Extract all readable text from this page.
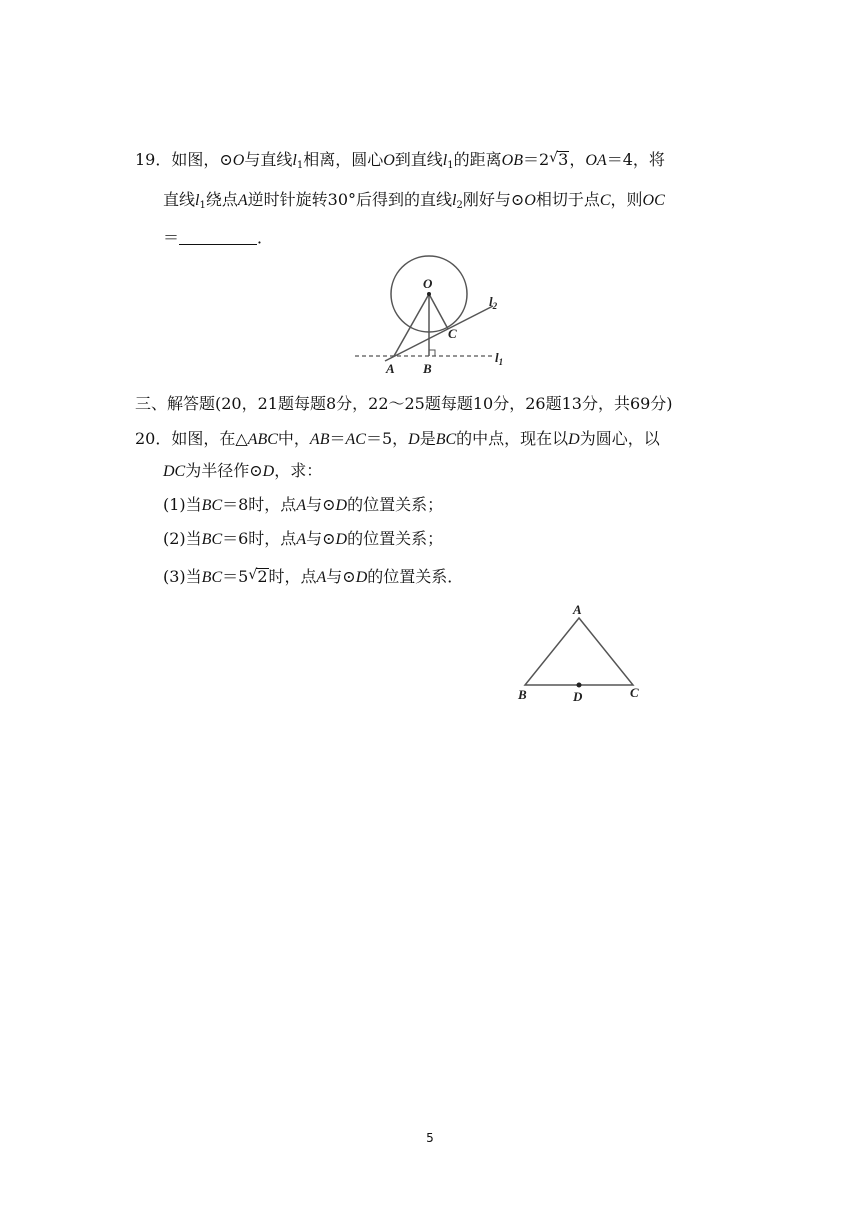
19．如图，⊙O与直线$l_1$相离，圆心O到直线$l_1$的距离OB＝2 √ 3，OA＝4，将
直线$l_1$绕点A逆时针旋转30°后得到的直线$l_2$刚好与⊙O相切于点C，则OC
＝	．
O
C
A B
$l_2$
$l_1$
三、解答题(20，21题每题8分，22～25题每题10分，26题13分，共69分)
20．如图，在△ABC中，AB＝AC＝5，D是BC的中点，现在以D为圆心，以
DC为半径作⊙D，求：
(1)当BC＝8时，点A与⊙D的位置关系；
(2)当BC＝6时，点A与⊙D的位置关系；
(3)当BC＝5 √ 2时，点A与⊙D的位置关系．
A
B	C
D
5
